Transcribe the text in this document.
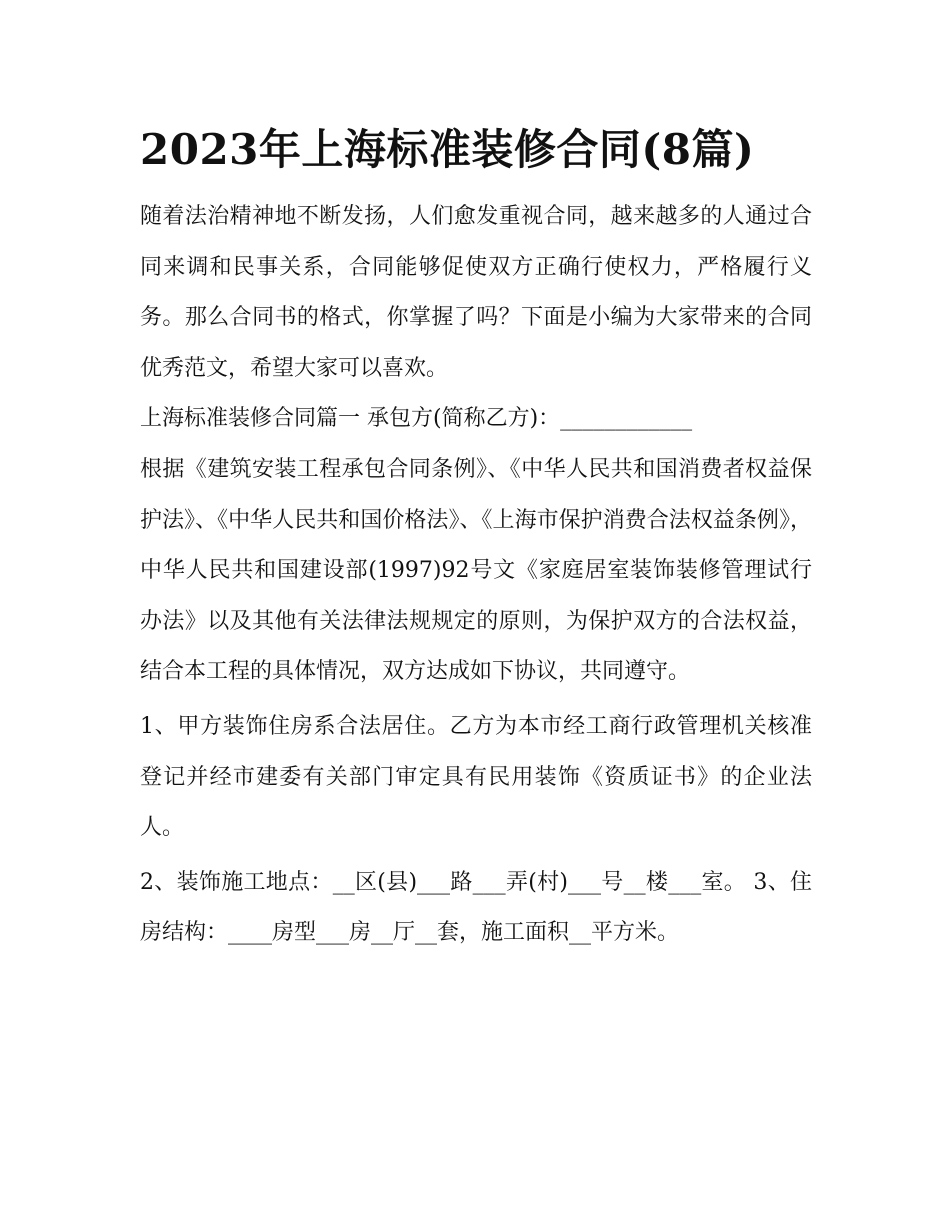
2023年上海标准装修合同(8篇)

随着法治精神地不断发扬，人们愈发重视合同，越来越多的人通过合同来调和民事关系，合同能够促使双方正确行使权力，严格履行义务。那么合同书的格式，你掌握了吗？下面是小编为大家带来的合同优秀范文，希望大家可以喜欢。

上海标准装修合同篇一 承包方(简称乙方)：____________

根据《建筑安装工程承包合同条例》、《中华人民共和国消费者权益保护法》、《中华人民共和国价格法》、《上海市保护消费合法权益条例》，中华人民共和国建设部(1997)92号文《家庭居室装饰装修管理试行办法》以及其他有关法律法规规定的原则，为保护双方的合法权益，结合本工程的具体情况，双方达成如下协议，共同遵守。

1、甲方装饰住房系合法居住。乙方为本市经工商行政管理机关核准登记并经市建委有关部门审定具有民用装饰《资质证书》的企业法人。

2、装饰施工地点：__区(县)___路___弄(村)___号__楼___室。 3、住房结构：____房型___房__厅__套，施工面积__平方米。
